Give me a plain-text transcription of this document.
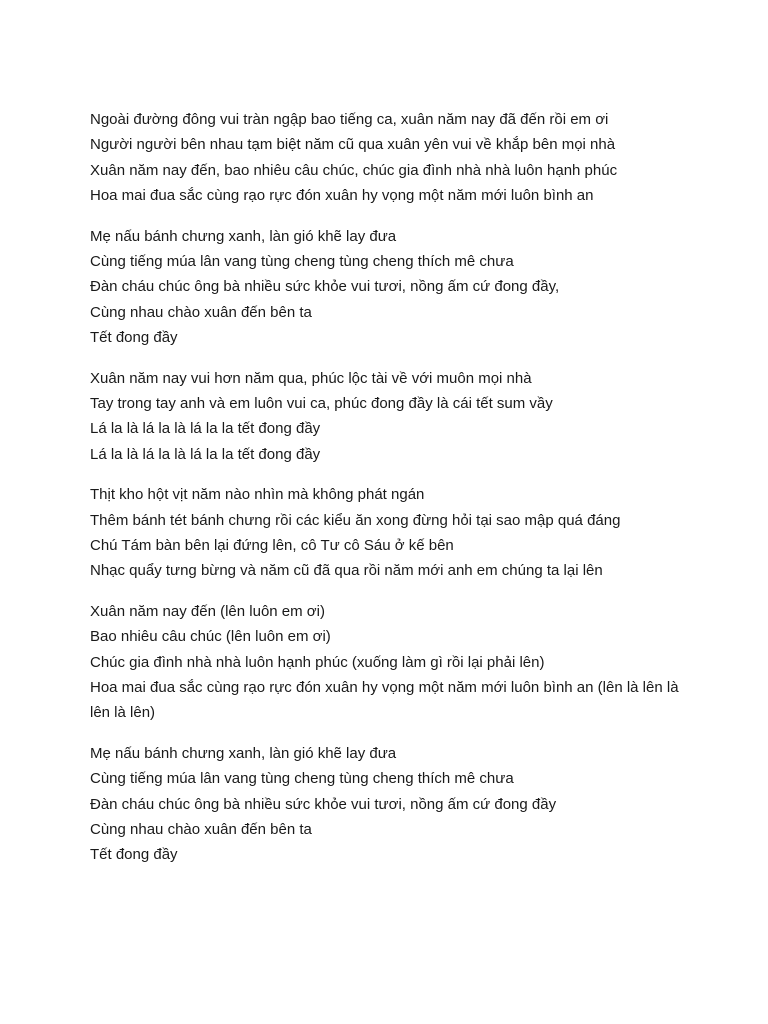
Ngoài đường đông vui tràn ngập bao tiếng ca, xuân năm nay đã đến rồi em ơi
Người người bên nhau tạm biệt năm cũ qua xuân yên vui về khắp bên mọi nhà
Xuân năm nay đến, bao nhiêu câu chúc, chúc gia đình nhà nhà luôn hạnh phúc
Hoa mai đua sắc cùng rạo rực đón xuân hy vọng một năm mới luôn bình an
Mẹ nấu bánh chưng xanh, làn gió khẽ lay đưa
Cùng tiếng múa lân vang tùng cheng tùng cheng thích mê chưa
Đàn cháu chúc ông bà nhiều sức khỏe vui tươi, nồng ấm cứ đong đầy,
Cùng nhau chào xuân đến bên ta
Tết đong đầy
Xuân năm nay vui hơn năm qua, phúc lộc tài về với muôn mọi nhà
Tay trong tay anh và em luôn vui ca, phúc đong đầy là cái tết sum vầy
Lá la là lá la là lá la la tết đong đầy
Lá la là lá la là lá la la tết đong đầy
Thịt kho hột vịt năm nào nhìn mà không phát ngán
Thêm bánh tét bánh chưng rồi các kiểu ăn xong đừng hỏi tại sao mập quá đáng
Chú Tám bàn bên lại đứng lên, cô Tư cô Sáu ở kế bên
Nhạc quẩy tưng bừng và năm cũ đã qua rồi năm mới anh em chúng ta lại lên
Xuân năm nay đến (lên luôn em ơi)
Bao nhiêu câu chúc (lên luôn em ơi)
Chúc gia đình nhà nhà luôn hạnh phúc (xuống làm gì rồi lại phải lên)
Hoa mai đua sắc cùng rạo rực đón xuân hy vọng một năm mới luôn bình an (lên là lên là lên là lên)
Mẹ nấu bánh chưng xanh, làn gió khẽ lay đưa
Cùng tiếng múa lân vang tùng cheng tùng cheng thích mê chưa
Đàn cháu chúc ông bà nhiều sức khỏe vui tươi, nồng ấm cứ đong đầy
Cùng nhau chào xuân đến bên ta
Tết đong đầy
